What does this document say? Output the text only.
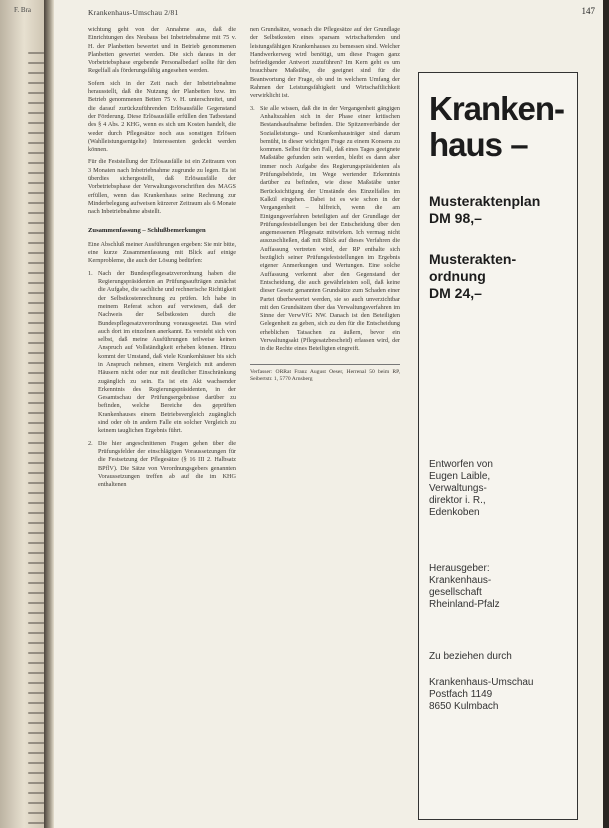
F. Bra	Krankenhaus-Umschau 2/81	147

wichtung geht von der Annahme aus, daß die Einrichtungen des Neubaus bei Inbetriebnahme mit 75 v. H. der Planbetten bewertet und in Betrieb genommenen Planbetten gewertet werden. Die sich daraus in der Vorbetriebsphase ergebende Personalbedarf sollte für den Regelfall als förderungsfähig angesehen werden.

Sofern sich in der Zeit nach der Inbetriebnahme herausstellt, daß die Nutzung der Planbetten bzw. im Betrieb genommenen Betten 75 v. H. unterschreitet, und die darauf zurückzuführenden Erlösausfälle Gegenstand der Förderung. Diese Erlösausfälle erfüllen den Tatbestand des § 4 Abs. 2 KHG, wenn es sich um Kosten handelt, die weder durch Pflegesätze noch aus sonstigen Erlösen (Wahlleistungsentgelte) Interessenten gedeckt werden können.

Für die Feststellung der Erlösausfälle ist ein Zeitraum von 3 Monaten nach Inbetriebnahme zugrunde zu legen. Es ist überdies sichergestellt, daß Erlösausfälle der Vorbetriebsphase der Verwaltungsvorschriften des MAGS erfüllen, wenn das Krankenhaus seine Rechnung zur Minderbelegung aufweisen kürzerer Zeitraum als 6 Monate nach Inbetriebnahme abstellt.

Zusammenfassung – Schlußbemerkungen

Eine Abschluß meiner Ausführungen ergeben: Sie mir bitte, eine kurze Zusammenfassung mit Blick auf einige Kernprobleme, die auch der Lösung bedürfen:

1. Nach der Bundespflegesatzverordnung haben die Regierungspräsidenten an Prüfungsaufträgen zunächst die Aufgabe, die sachliche und rechnerische Richtigkeit der Selbstkostenrechnung zu prüfen. Ich habe in meinem Referat schon auf verwiesen, daß der Nachweis der Selbstkosten durch die Bundespflegesatzverordnung vorausgesetzt. Das wird auch dort im einzelnen anerkannt. Es versteht sich von selbst, daß meine Ausführungen teilweise keinen Anspruch auf Vollständigkeit erheben können. Hinzu kommt der Umstand, daß viele Krankenhäuser bis sich in Anspruch nehmen, einem Vergleich mit anderen Häusern nicht oder nur mit deutlicher Einschränkung zugänglich zu sein. Es ist ein Akt wachsender Erkenntnis des Regierungspräsidenten, in der Gesamtschau der Prüfungsergebnisse darüber zu befinden, welche Bereiche des geprüften Krankenhauses einem Betriebsvergleich zugänglich sind oder ob in andern Falle ein solcher Vergleich zu keinem tauglichen Ergebnis führt.
2. Die hier angeschnittenen Fragen gehen über die Prüfungsfelder der einschlägigen Voraussetzungen für die Festsetzung der Pflegesätze (§ 16 III 2. Halbsatz BPflV). Die Sätze von Verordnungsgebers genannten Voraussetzungen treffen ab auf die im KHG enthaltenen

nen Grundsätze, wonach die Pflegesätze auf der Grundlage der Selbstkosten eines sparsam wirtschaftenden und leistungsfähigen Krankenhauses zu bemessen sind. Welcher Handwerkerweg wird benötigt, um diese Fragen ganz befriedigender Antwort zuzuführen? Im Kern geht es um brauchbare Maßstäbe, die geeignet sind für die Beantwortung der Frage, ob und in welchem Umfang der Rahmen der Leistungsfähigkeit und Wirtschaftlichkeit verwirklicht ist.

3. Sie alle wissen, daß die in der Vergangenheit gängigen Anhaltszahlen sich in der Phase einer kritischen Bestandsaufnahme befinden. Die Spitzenverbände der Sozialleistungs- und Krankenhausträger sind darum bemüht, in dieser wichtigen Frage zu einem Konsens zu kommen. Selbst für den Fall, daß eines Tages geeignete Maßstäbe gefunden sein werden, bleibt es dann aber immer noch Aufgabe des Regierungspräsidenten als Prüfungsbehörde, im Wege wertender Erkenntnis darüber zu befinden, wie diese Maßstäbe unter Berücksichtigung der Umstände des Einzelfalles im Kalkül eingehen. Dabei ist es wie schon in der Vergangenheit – hilfreich, wenn die am Einigungsverfahren beteiligten auf der Grundlage der Prüfungsfeststellungen bei der Entscheidung über den angemessenen Pflegesatz mitwirken. Ich vermag nicht auszuschließen, daß mit Blick auf dieses Verfahren die Auffassung vertreten wird, der RP enthalte sich bezüglich seiner Prüfungsfeststellungen im Ergebnis eigener Anmerkungen und Wertungen. Eine solche Auffassung verkennt aber den Gegenstand der Entscheidung, die auch gewährleisten soll, daß keine dieser Gesetz genannten Grundsätze zum Schaden einer Partei überbewertet werden, sie so auch unverzichtbar mit den Grundsätzen über das Verwaltungsverfahren im Sinne der VerwVfG NW. Danach ist den Beteiligten Gelegenheit zu geben, sich zu den für die Entscheidung erheblichen Tatsachen zu äußern, bevor ein Verwaltungsakt (Pflegesatzbescheid) erlassen wird, der in die Rechte eines Beteiligten eingreift.
Verfasser: ORRat Franz August Oeser, Herrenal 50 beim RP, Seibertstr. 1, 5770 Arnsberg
Kranken-
haus –
Musteraktenplan
DM 98,–
Musterakten-
ordnung
DM 24,–
Entworfen von
Eugen Laible,
Verwaltungs-
direktor i. R.,
Edenkoben
Herausgeber:
Krankenhaus-
gesellschaft
Rheinland-Pfalz
Zu beziehen durch
Krankenhaus-Umschau
Postfach 1149
8650 Kulmbach
